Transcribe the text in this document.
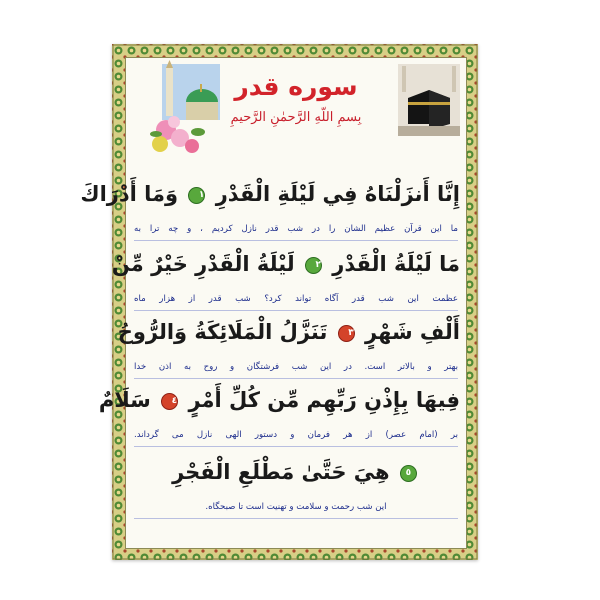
سوره قدر
بِسمِ اللّهِ الرَّحمٰنِ الرَّحیمِ
إِنَّا أَنزَلْنَاهُ فِي لَيْلَةِ الْقَدْرِ ١ وَمَا أَدْرَاكَ
ما این قرآن عظیم الشان را در شب قدر نازل کردیم ، و چه ترا به
مَا لَيْلَةُ الْقَدْرِ ٢ لَيْلَةُ الْقَدْرِ خَيْرٌ مِّنْ
عظمت این شب قدر آگاه تواند کرد؟ شب قدر از هزار ماه
أَلْفِ شَهْرٍ ٣ تَنَزَّلُ الْمَلَائِكَةُ وَالرُّوحُ
بهتر و بالاتر است. در این شب فرشتگان و روح به اذن خدا
فِيهَا بِإِذْنِ رَبِّهِم مِّن كُلِّ أَمْرٍ ٤ سَلَامٌ
بر (امام عصر) از هر فرمان و دستور الهی نازل می گرداند.
٥ هِيَ حَتَّىٰ مَطْلَعِ الْفَجْرِ
این شب رحمت و سلامت و تهنیت است تا صبحگاه.
